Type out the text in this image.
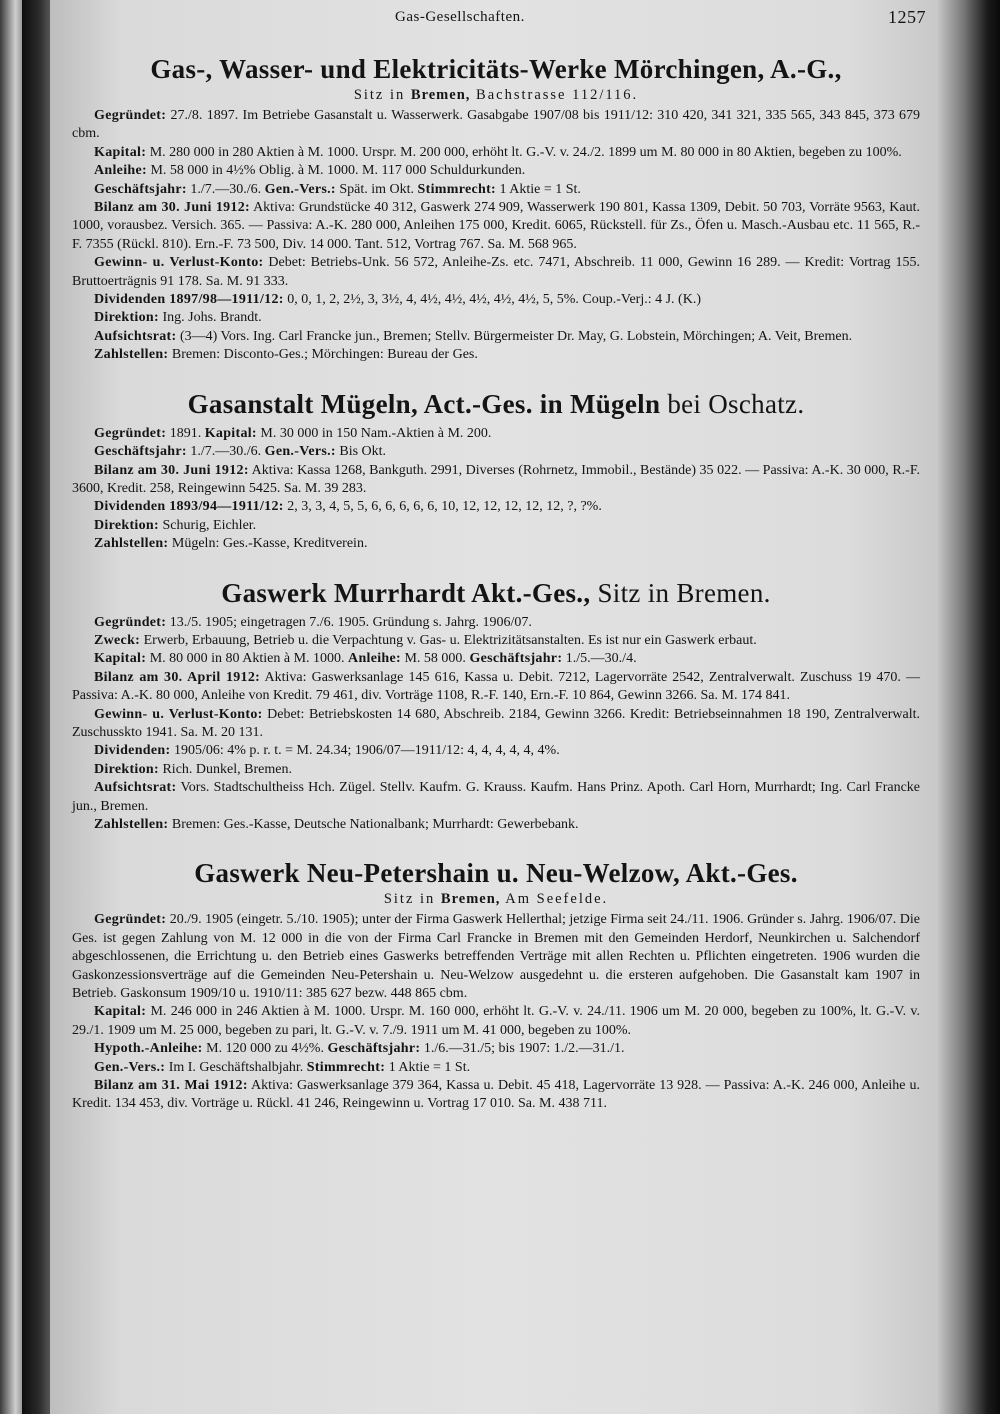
Gas-Gesellschaften.	1257
Gas-, Wasser- und Elektricitäts-Werke Mörchingen, A.-G.,
Sitz in Bremen, Bachstrasse 112/116.
Gegründet: 27./8. 1897. Im Betriebe Gasanstalt u. Wasserwerk. Gasabgabe 1907/08 bis 1911/12: 310 420, 341 321, 335 565, 343 845, 373 679 cbm.
Kapital: M. 280 000 in 280 Aktien à M. 1000. Urspr. M. 200 000, erhöht lt. G.-V. v. 24./2. 1899 um M. 80 000 in 80 Aktien, begeben zu 100%.
Anleihe: M. 58 000 in 4½% Oblig. à M. 1000. M. 117 000 Schuldurkunden.
Geschäftsjahr: 1./7.—30./6. Gen.-Vers.: Spät. im Okt. Stimmrecht: 1 Aktie = 1 St.
Bilanz am 30. Juni 1912: Aktiva: Grundstücke 40 312, Gaswerk 274 909, Wasserwerk 190 801, Kassa 1309, Debit. 50 703, Vorräte 9563, Kaut. 1000, vorausbez. Versich. 365. — Passiva: A.-K. 280 000, Anleihen 175 000, Kredit. 6065, Rückstell. für Zs., Öfen u. Masch.-Ausbau etc. 11 565, R.-F. 7355 (Rückl. 810). Ern.-F. 73 500, Div. 14 000. Tant. 512, Vortrag 767. Sa. M. 568 965.
Gewinn- u. Verlust-Konto: Debet: Betriebs-Unk. 56 572, Anleihe-Zs. etc. 7471, Abschreib. 11 000, Gewinn 16 289. — Kredit: Vortrag 155. Bruttoerträgnis 91 178. Sa. M. 91 333.
Dividenden 1897/98—1911/12: 0, 0, 1, 2, 2½, 3, 3½, 4, 4½, 4½, 4½, 4½, 4½, 5, 5%. Coup.-Verj.: 4 J. (K.)
Direktion: Ing. Johs. Brandt.
Aufsichtsrat: (3—4) Vors. Ing. Carl Francke jun., Bremen; Stellv. Bürgermeister Dr. May, G. Lobstein, Mörchingen; A. Veit, Bremen.
Zahlstellen: Bremen: Disconto-Ges.; Mörchingen: Bureau der Ges.
Gasanstalt Mügeln, Act.-Ges. in Mügeln bei Oschatz.
Gegründet: 1891. Kapital: M. 30 000 in 150 Nam.-Aktien à M. 200.
Geschäftsjahr: 1./7.—30./6. Gen.-Vers.: Bis Okt.
Bilanz am 30. Juni 1912: Aktiva: Kassa 1268, Bankguth. 2991, Diverses (Rohrnetz, Immobil., Bestände) 35 022. — Passiva: A.-K. 30 000, R.-F. 3600, Kredit. 258, Reingewinn 5425. Sa. M. 39 283.
Dividenden 1893/94—1911/12: 2, 3, 3, 4, 5, 5, 6, 6, 6, 6, 6, 10, 12, 12, 12, 12, 12, ?, ?%.
Direktion: Schurig, Eichler.
Zahlstellen: Mügeln: Ges.-Kasse, Kreditverein.
Gaswerk Murrhardt Akt.-Ges., Sitz in Bremen.
Gegründet: 13./5. 1905; eingetragen 7./6. 1905. Gründung s. Jahrg. 1906/07.
Zweck: Erwerb, Erbauung, Betrieb u. die Verpachtung v. Gas- u. Elektrizitätsanstalten. Es ist nur ein Gaswerk erbaut.
Kapital: M. 80 000 in 80 Aktien à M. 1000. Anleihe: M. 58 000. Geschäftsjahr: 1./5.—30./4.
Bilanz am 30. April 1912: Aktiva: Gaswerksanlage 145 616, Kassa u. Debit. 7212, Lagervorräte 2542, Zentralverwalt. Zuschuss 19 470. — Passiva: A.-K. 80 000, Anleihe von Kredit. 79 461, div. Vorträge 1108, R.-F. 140, Ern.-F. 10 864, Gewinn 3266. Sa. M. 174 841.
Gewinn- u. Verlust-Konto: Debet: Betriebskosten 14 680, Abschreib. 2184, Gewinn 3266. Kredit: Betriebseinnahmen 18 190, Zentralverwalt. Zuschusskto 1941. Sa. M. 20 131.
Dividenden: 1905/06: 4% p. r. t. = M. 24.34; 1906/07—1911/12: 4, 4, 4, 4, 4, 4%.
Direktion: Rich. Dunkel, Bremen.
Aufsichtsrat: Vors. Stadtschultheiss Hch. Zügel. Stellv. Kaufm. G. Krauss. Kaufm. Hans Prinz. Apoth. Carl Horn, Murrhardt; Ing. Carl Francke jun., Bremen.
Zahlstellen: Bremen: Ges.-Kasse, Deutsche Nationalbank; Murrhardt: Gewerbebank.
Gaswerk Neu-Petershain u. Neu-Welzow, Akt.-Ges.
Sitz in Bremen, Am Seefelde.
Gegründet: 20./9. 1905 (eingetr. 5./10. 1905); unter der Firma Gaswerk Hellerthal; jetzige Firma seit 24./11. 1906. Gründer s. Jahrg. 1906/07. Die Ges. ist gegen Zahlung von M. 12 000 in die von der Firma Carl Francke in Bremen mit den Gemeinden Herdorf, Neunkirchen u. Salchendorf abgeschlossenen, die Errichtung u. den Betrieb eines Gaswerks betreffenden Verträge mit allen Rechten u. Pflichten eingetreten. 1906 wurden die Gaskonzessionsverträge auf die Gemeinden Neu-Petershain u. Neu-Welzow ausgedehnt u. die ersteren aufgehoben. Die Gasanstalt kam 1907 in Betrieb. Gaskonsum 1909/10 u. 1910/11: 385 627 bezw. 448 865 cbm.
Kapital: M. 246 000 in 246 Aktien à M. 1000. Urspr. M. 160 000, erhöht lt. G.-V. v. 24./11. 1906 um M. 20 000, begeben zu 100%, lt. G.-V. v. 29./1. 1909 um M. 25 000, begeben zu pari, lt. G.-V. v. 7./9. 1911 um M. 41 000, begeben zu 100%.
Hypoth.-Anleihe: M. 120 000 zu 4½%. Geschäftsjahr: 1./6.—31./5; bis 1907: 1./2.—31./1.
Gen.-Vers.: Im I. Geschäftshalbjahr. Stimmrecht: 1 Aktie = 1 St.
Bilanz am 31. Mai 1912: Aktiva: Gaswerksanlage 379 364, Kassa u. Debit. 45 418, Lagervorräte 13 928. — Passiva: A.-K. 246 000, Anleihe u. Kredit. 134 453, div. Vorträge u. Rückl. 41 246, Reingewinn u. Vortrag 17 010. Sa. M. 438 711.
